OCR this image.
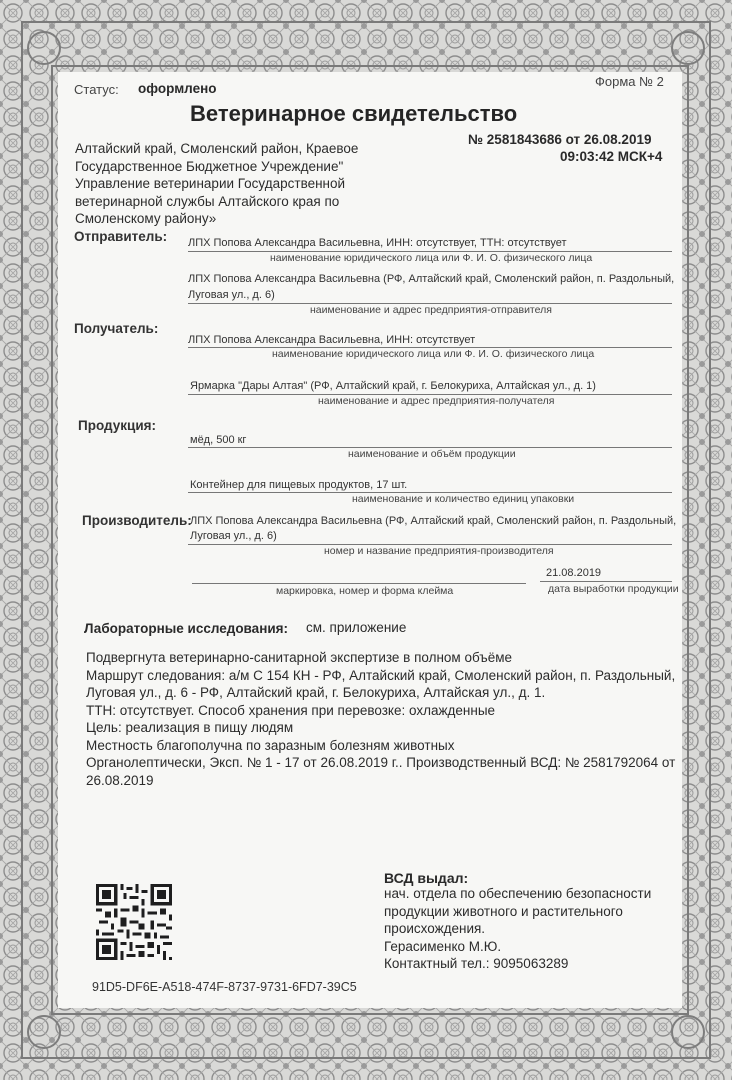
Статус: оформлено	Форма № 2
Ветеринарное свидетельство
Алтайский край, Смоленский район, Краевое
Государственное Бюджетное Учреждение"
Управление ветеринарии Государственной
ветеринарной службы Алтайского края по
Смоленскому району»
№ 2581843686 от 26.08.2019
09:03:42 МСК+4
Отправитель: ЛПХ Попова Александра Васильевна, ИНН: отсутствует, ТТН: отсутствует
наименование юридического лица или Ф. И. О. физического лица
ЛПХ Попова Александра Васильевна (РФ, Алтайский край, Смоленский район, п. Раздольный,
Луговая ул., д. 6)
наименование и адрес предприятия-отправителя
Получатель:
ЛПХ Попова Александра Васильевна, ИНН: отсутствует
наименование юридического лица или Ф. И. О. физического лица
Ярмарка "Дары Алтая" (РФ, Алтайский край, г. Белокуриха, Алтайская ул., д. 1)
наименование и адрес предприятия-получателя
Продукция:
мёд, 500 кг
наименование и объём продукции
Контейнер для пищевых продуктов, 17 шт.
наименование и количество единиц упаковки
Производитель:
ЛПХ Попова Александра Васильевна (РФ, Алтайский край, Смоленский район, п. Раздольный,
Луговая ул., д. 6)
номер и название предприятия-производителя
маркировка, номер и форма клейма
21.08.2019
дата выработки продукции
Лабораторные исследования: см. приложение
Подвергнута ветеринарно-санитарной экспертизе в полном объёме
Маршрут следования: а/м С 154 КН - РФ, Алтайский край, Смоленский район, п. Раздольный,
Луговая ул., д. 6 - РФ, Алтайский край, г. Белокуриха, Алтайская ул., д. 1.
ТТН: отсутствует. Способ хранения при перевозке: охлажденные
Цель: реализация в пищу людям
Местность благополучна по заразным болезням животных
Органолептически, Эксп. № 1 - 17 от 26.08.2019 г.. Производственный ВСД: № 2581792064 от
26.08.2019
ВСД выдал:
нач. отдела по обеспечению безопасности
продукции животного и растительного
происхождения.
Герасименко М.Ю.
Контактный тел.: 9095063289
91D5-DF6E-A518-474F-8737-9731-6FD7-39C5
